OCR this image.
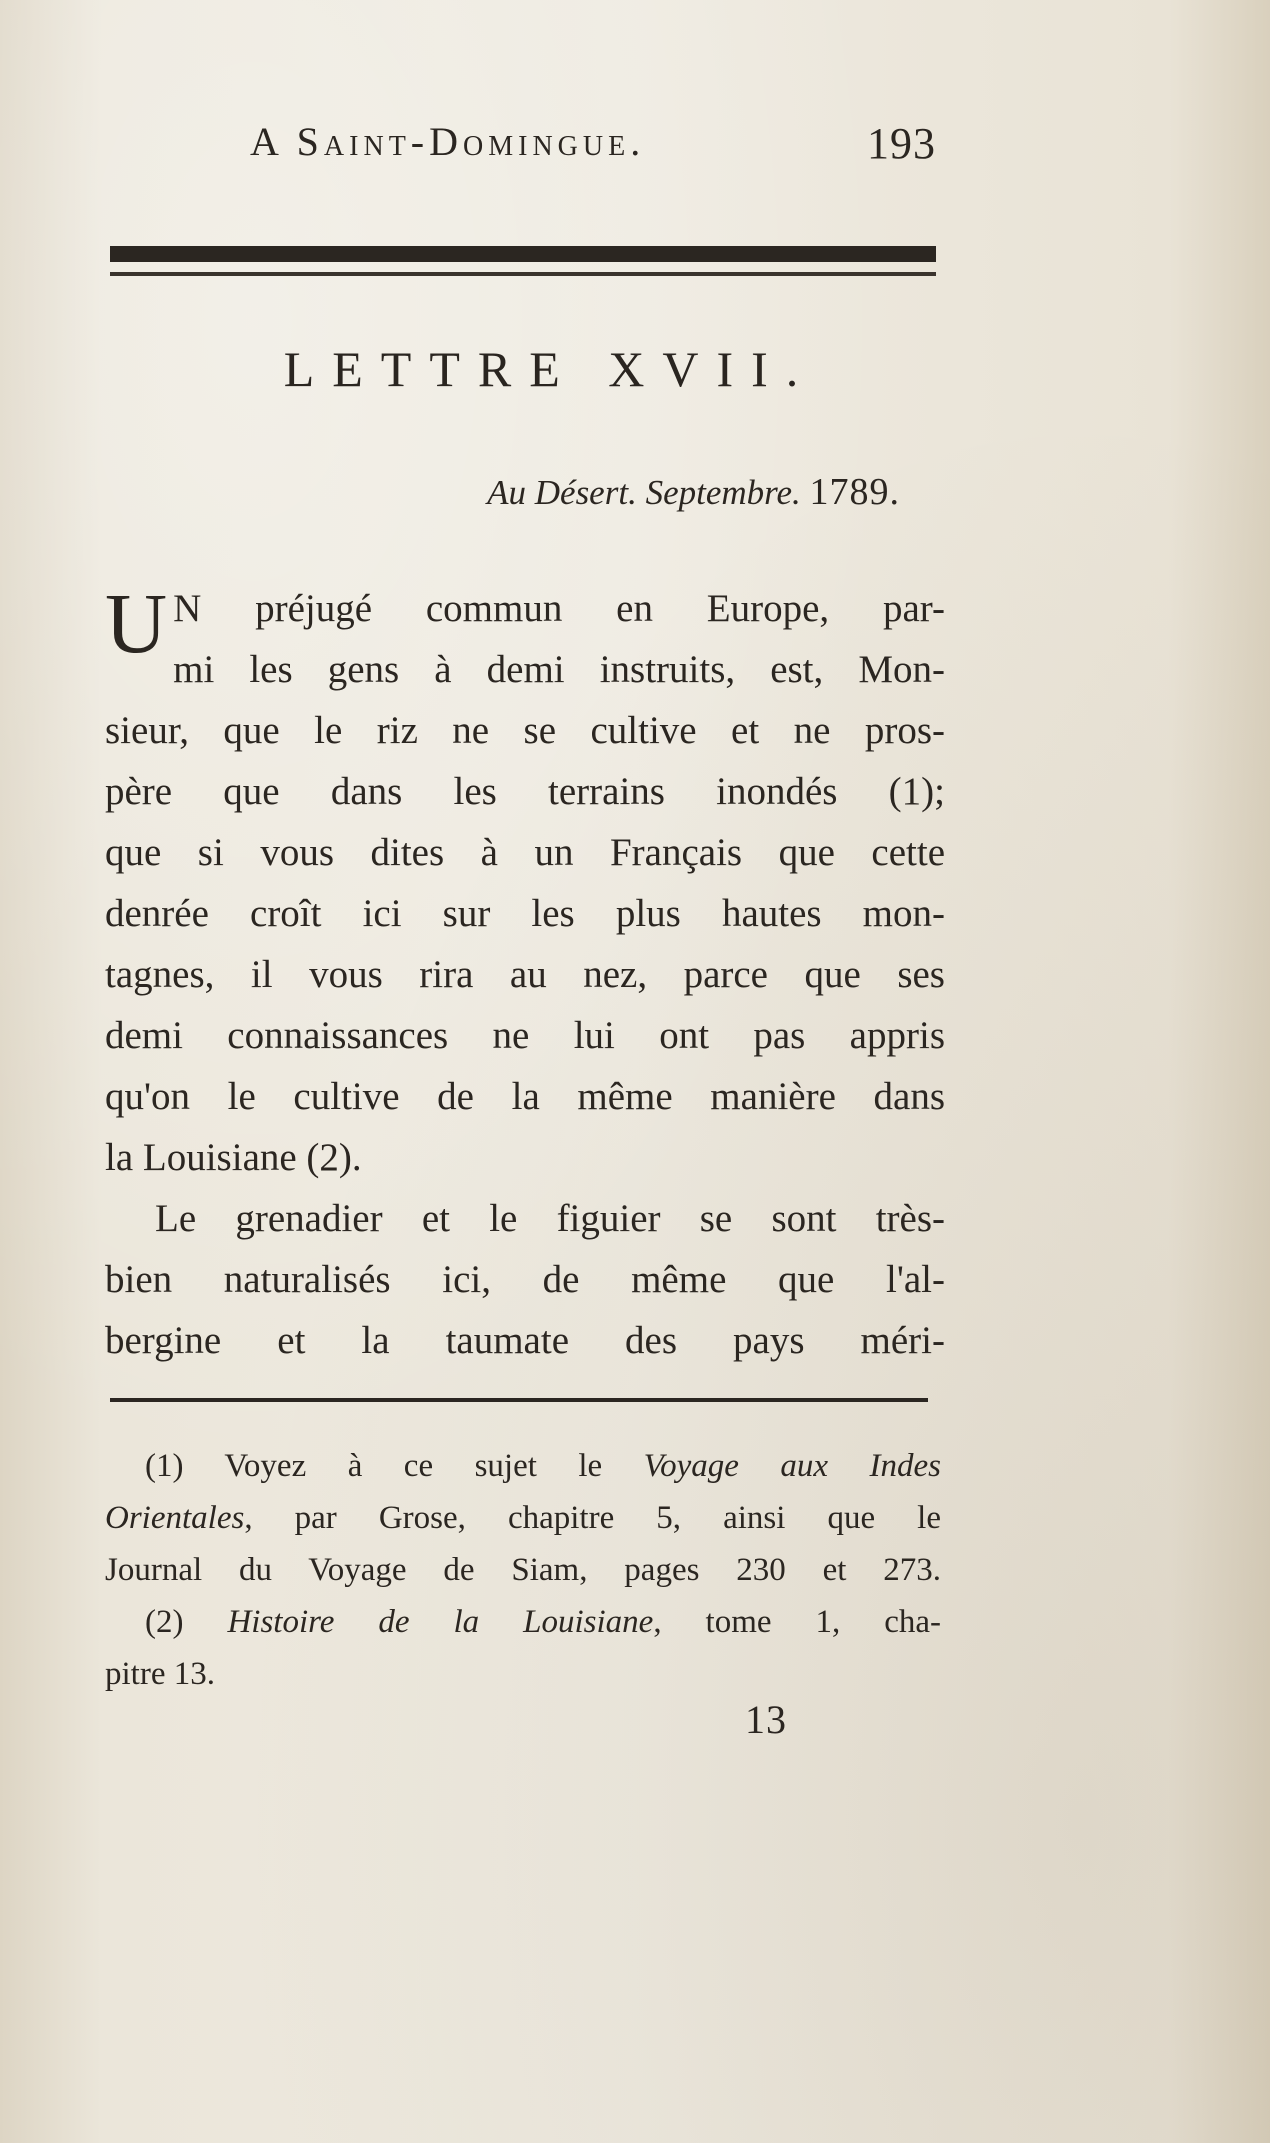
A Saint-Domingue.	193
LETTRE XVII.
Au Désert. Septembre. 1789.
U N préjugé commun en Europe, par-
mi les gens à demi instruits, est, Mon-
sieur, que le riz ne se cultive et ne pros-
père que dans les terrains inondés (1);
que si vous dites à un Français que cette
denrée croît ici sur les plus hautes mon-
tagnes, il vous rira au nez, parce que ses
demi connaissances ne lui ont pas appris
qu'on le cultive de la même manière dans
la Louisiane (2).
Le grenadier et le figuier se sont très-
bien naturalisés ici, de même que l'al-
bergine et la taumate des pays méri-
(1) Voyez à ce sujet le Voyage aux Indes
Orientales, par Grose, chapitre 5, ainsi que le
Journal du Voyage de Siam, pages 230 et 273.
(2) Histoire de la Louisiane, tome 1, cha-
pitre 13.
13
